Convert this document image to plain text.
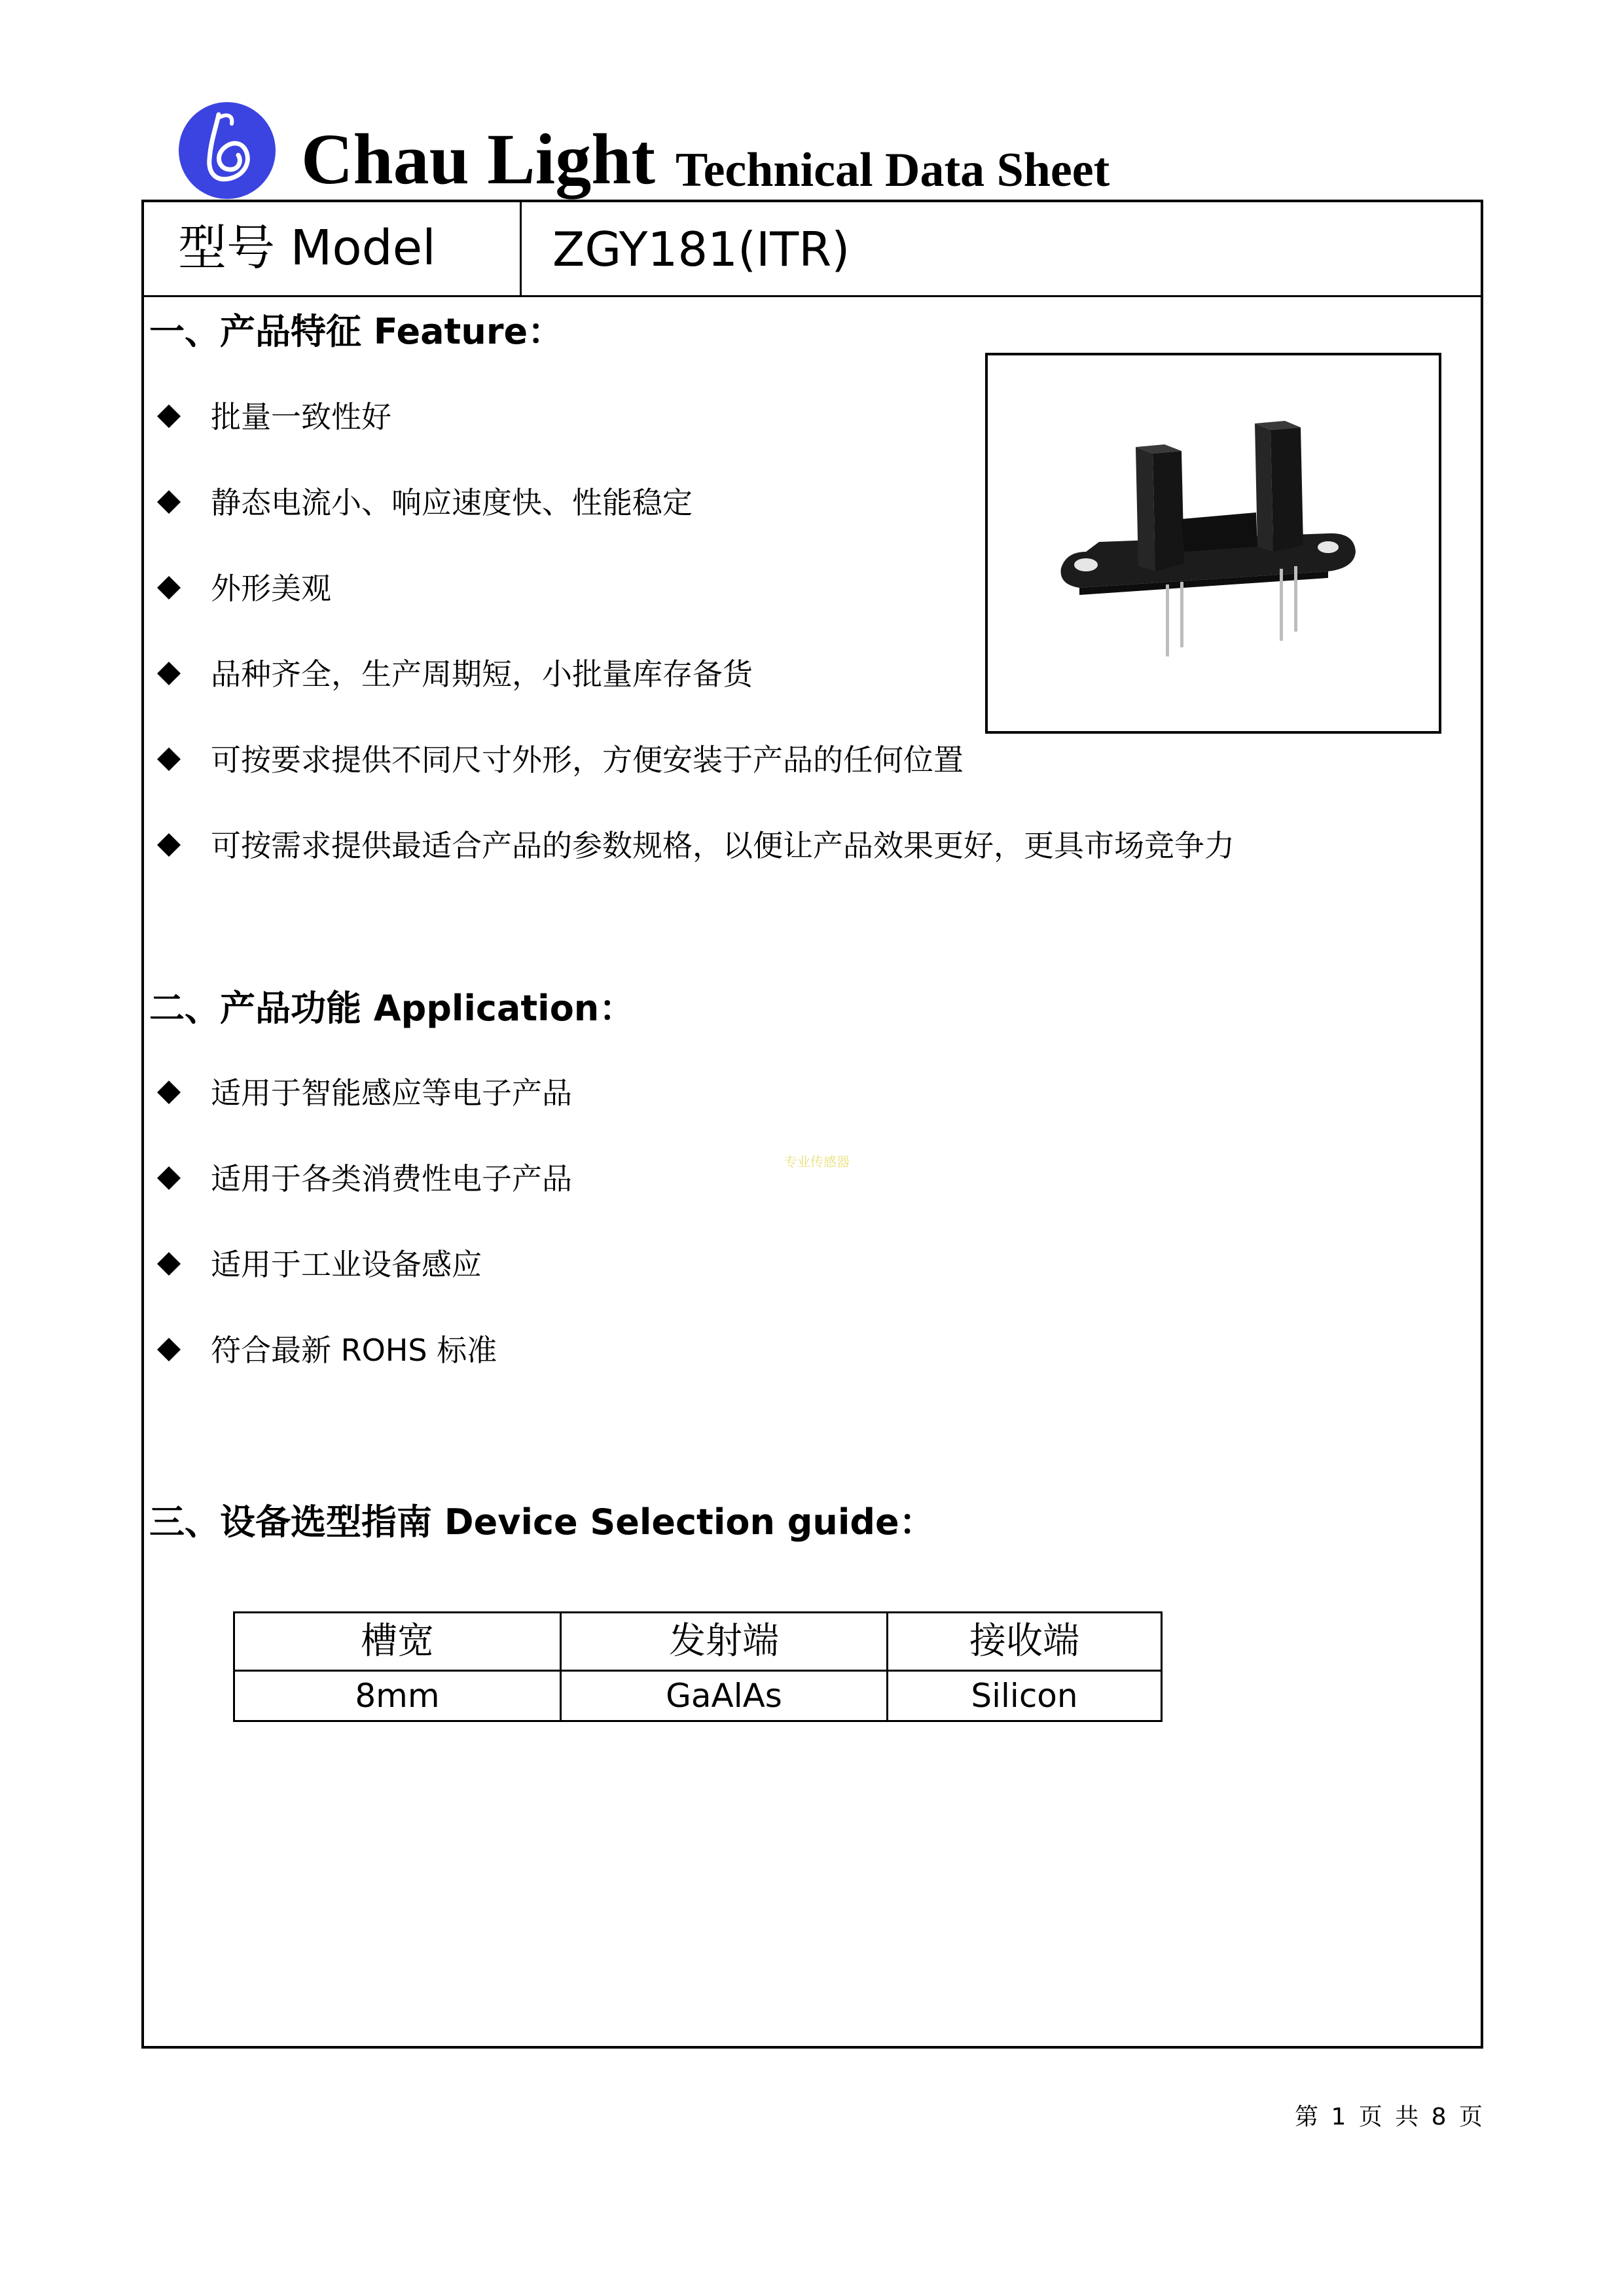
Chau Light Technical Data Sheet
型号 Model ZGY181(ITR)
一、产品特征 Feature：
批量一致性好
静态电流小、响应速度快、性能稳定
外形美观
品种齐全，生产周期短，小批量库存备货
可按要求提供不同尺寸外形，方便安装于产品的任何位置
可按需求提供最适合产品的参数规格，以便让产品效果更好，更具市场竞争力
二、产品功能 Application：
适用于智能感应等电子产品
适用于各类消费性电子产品
适用于工业设备感应
符合最新 ROHS 标准
专业传感器
三、设备选型指南 Device Selection guide：
槽宽	发射端	接收端
8mm	GaAlAs	Silicon
第 1 页 共 8 页
